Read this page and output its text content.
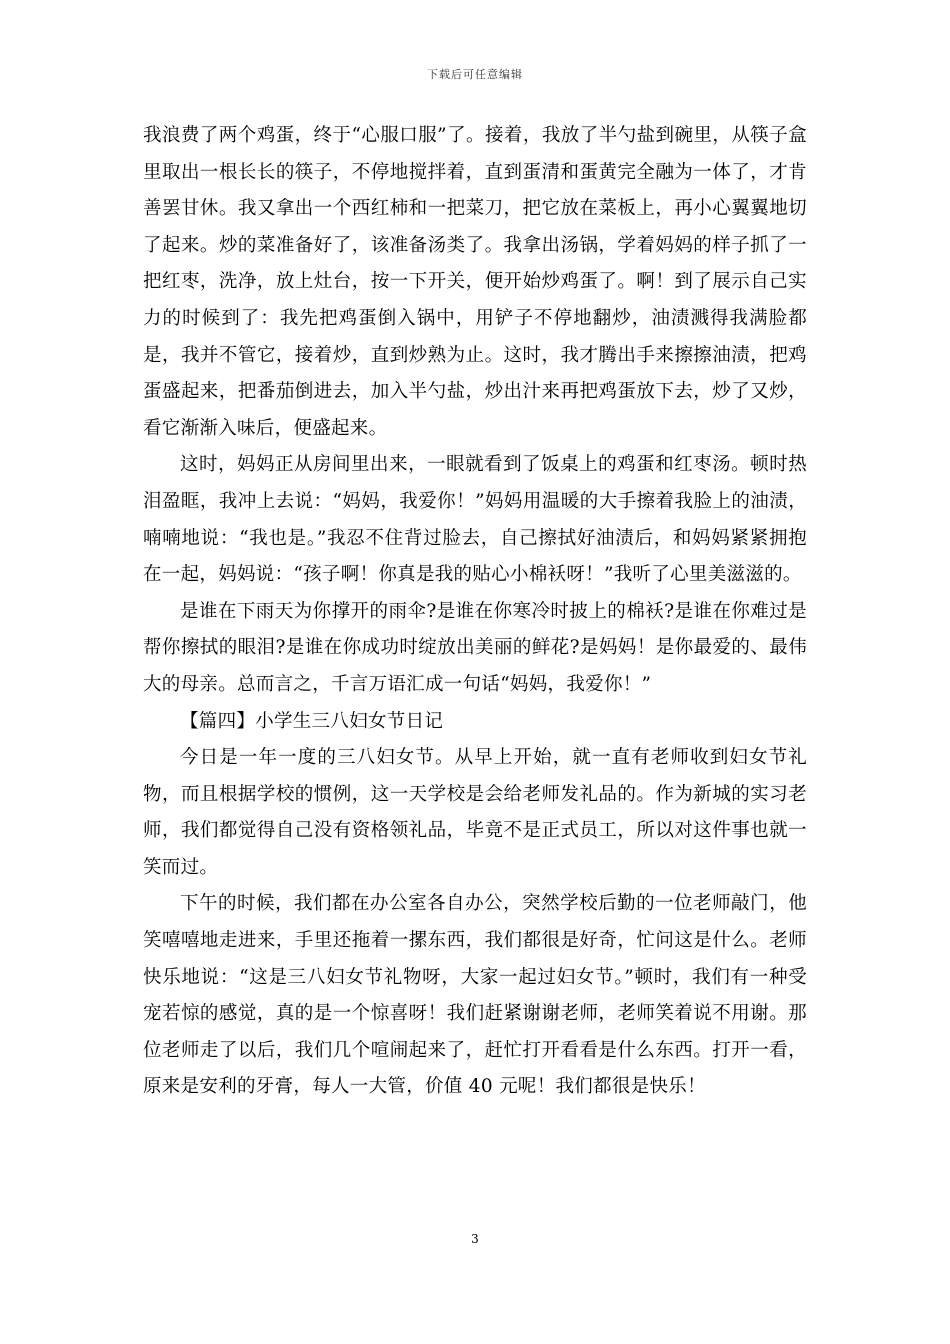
下载后可任意编辑

我浪费了两个鸡蛋，终于“心服口服”了。接着，我放了半勺盐到碗里，从筷子盒里取出一根长长的筷子，不停地搅拌着，直到蛋清和蛋黄完全融为一体了，才肯善罢甘休。我又拿出一个西红柿和一把菜刀，把它放在菜板上，再小心翼翼地切了起来。炒的菜准备好了，该准备汤类了。我拿出汤锅，学着妈妈的样子抓了一把红枣，洗净，放上灶台，按一下开关，便开始炒鸡蛋了。啊！到了展示自己实力的时候到了：我先把鸡蛋倒入锅中，用铲子不停地翻炒，油渍溅得我满脸都是，我并不管它，接着炒，直到炒熟为止。这时，我才腾出手来擦擦油渍，把鸡蛋盛起来，把番茄倒进去，加入半勺盐，炒出汁来再把鸡蛋放下去，炒了又炒，看它渐渐入味后，便盛起来。

这时，妈妈正从房间里出来，一眼就看到了饭桌上的鸡蛋和红枣汤。顿时热泪盈眶，我冲上去说：“妈妈，我爱你！”妈妈用温暖的大手擦着我脸上的油渍，喃喃地说：“我也是。”我忍不住背过脸去，自己擦拭好油渍后，和妈妈紧紧拥抱在一起，妈妈说：“孩子啊！你真是我的贴心小棉袄呀！”我听了心里美滋滋的。

是谁在下雨天为你撑开的雨伞?是谁在你寒冷时披上的棉袄?是谁在你难过是帮你擦拭的眼泪?是谁在你成功时绽放出美丽的鲜花?是妈妈！是你最爱的、最伟大的母亲。总而言之，千言万语汇成一句话“妈妈，我爱你！”

【篇四】小学生三八妇女节日记

今日是一年一度的三八妇女节。从早上开始，就一直有老师收到妇女节礼物，而且根据学校的惯例，这一天学校是会给老师发礼品的。作为新城的实习老师，我们都觉得自己没有资格领礼品，毕竟不是正式员工，所以对这件事也就一笑而过。

下午的时候，我们都在办公室各自办公，突然学校后勤的一位老师敲门，他笑嘻嘻地走进来，手里还拖着一摞东西，我们都很是好奇，忙问这是什么。老师快乐地说：“这是三八妇女节礼物呀，大家一起过妇女节。”顿时，我们有一种受宠若惊的感觉，真的是一个惊喜呀！我们赶紧谢谢老师，老师笑着说不用谢。那位老师走了以后，我们几个喧闹起来了，赶忙打开看看是什么东西。打开一看，原来是安利的牙膏，每人一大管，价值 40 元呢！我们都很是快乐！

3
